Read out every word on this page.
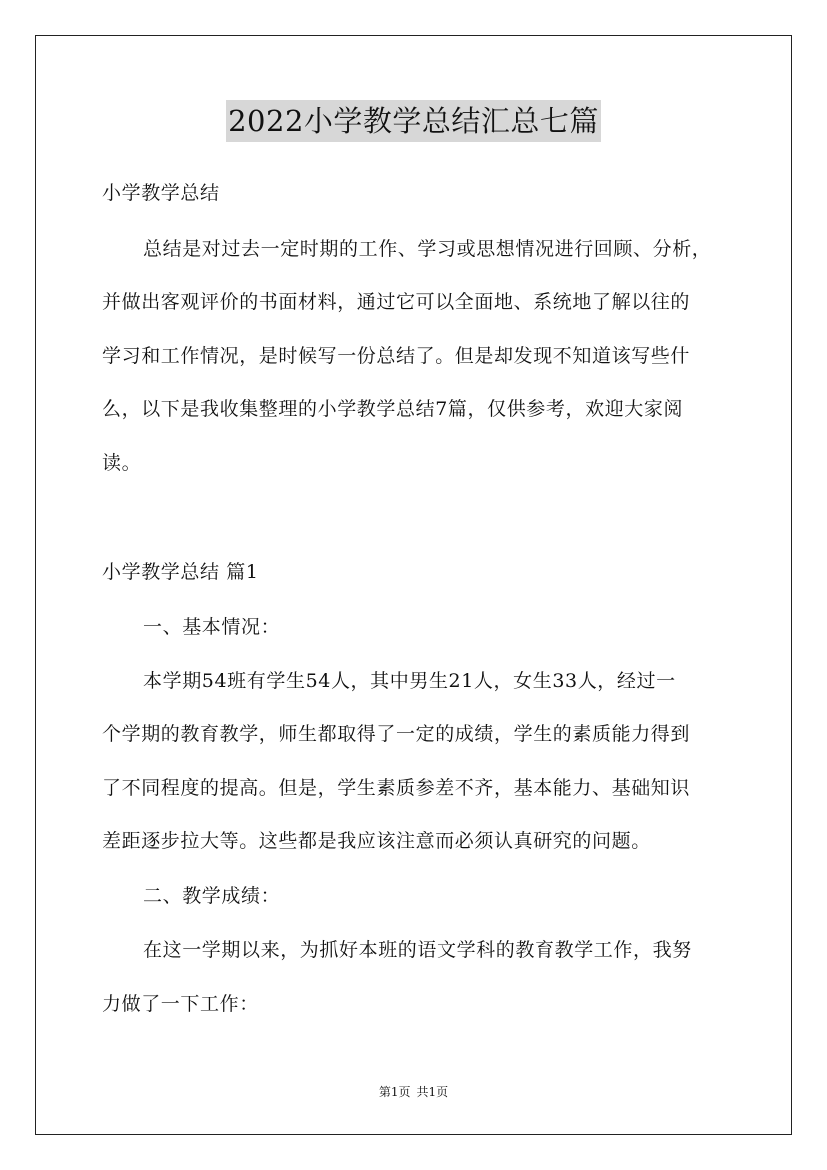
2022小学教学总结汇总七篇
小学教学总结
总结是对过去一定时期的工作、学习或思想情况进行回顾、分析，
并做出客观评价的书面材料，通过它可以全面地、系统地了解以往的
学习和工作情况，是时候写一份总结了。但是却发现不知道该写些什
么，以下是我收集整理的小学教学总结7篇，仅供参考，欢迎大家阅
读。
小学教学总结 篇1
一、基本情况：
本学期54班有学生54人，其中男生21人，女生33人，经过一
个学期的教育教学，师生都取得了一定的成绩，学生的素质能力得到
了不同程度的提高。但是，学生素质参差不齐，基本能力、基础知识
差距逐步拉大等。这些都是我应该注意而必须认真研究的问题。
二、教学成绩：
在这一学期以来，为抓好本班的语文学科的教育教学工作，我努
力做了一下工作：
第1页 共1页
